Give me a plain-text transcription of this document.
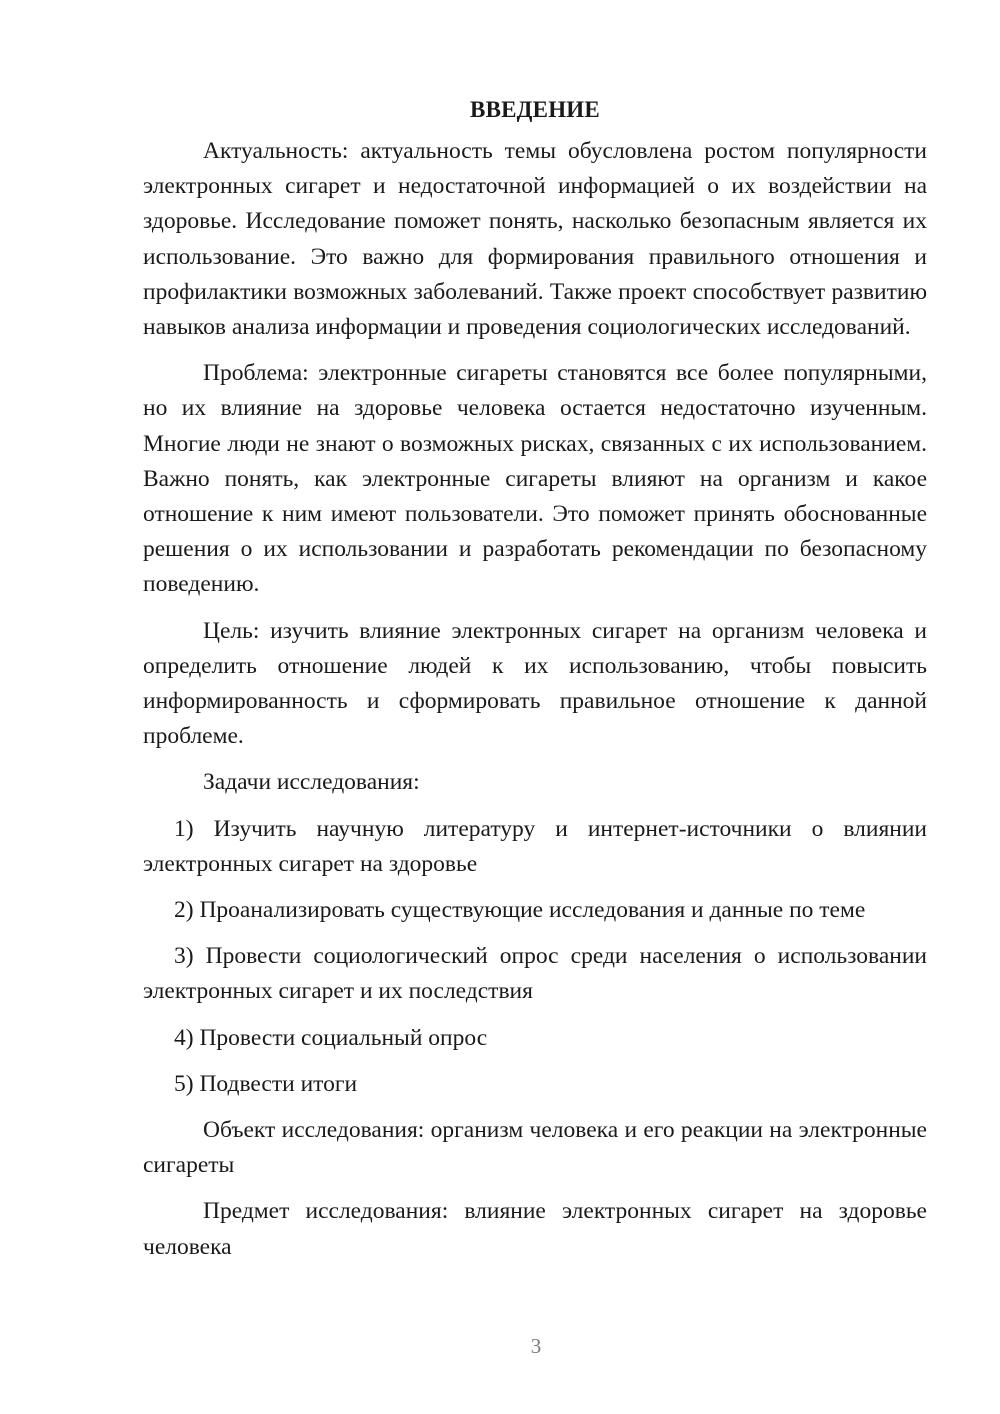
ВВЕДЕНИЕ

Актуальность: актуальность темы обусловлена ростом популярности электронных сигарет и недостаточной информацией о их воздействии на здоровье. Исследование поможет понять, насколько безопасным является их использование. Это важно для формирования правильного отношения и профилактики возможных заболеваний. Также проект способствует развитию навыков анализа информации и проведения социологических исследований.

Проблема: электронные сигареты становятся все более популярными, но их влияние на здоровье человека остается недостаточно изученным. Многие люди не знают о возможных рисках, связанных с их использованием. Важно понять, как электронные сигареты влияют на организм и какое отношение к ним имеют пользователи. Это поможет принять обоснованные решения о их использовании и разработать рекомендации по безопасному поведению.

Цель: изучить влияние электронных сигарет на организм человека и определить отношение людей к их использованию, чтобы повысить информированность и сформировать правильное отношение к данной проблеме.

Задачи исследования:

1) Изучить научную литературу и интернет-источники о влиянии электронных сигарет на здоровье

2) Проанализировать существующие исследования и данные по теме

3) Провести социологический опрос среди населения о использовании электронных сигарет и их последствия

4) Провести социальный опрос

5) Подвести итоги

Объект исследования: организм человека и его реакции на электронные сигареты

Предмет исследования: влияние электронных сигарет на здоровье человека

3
